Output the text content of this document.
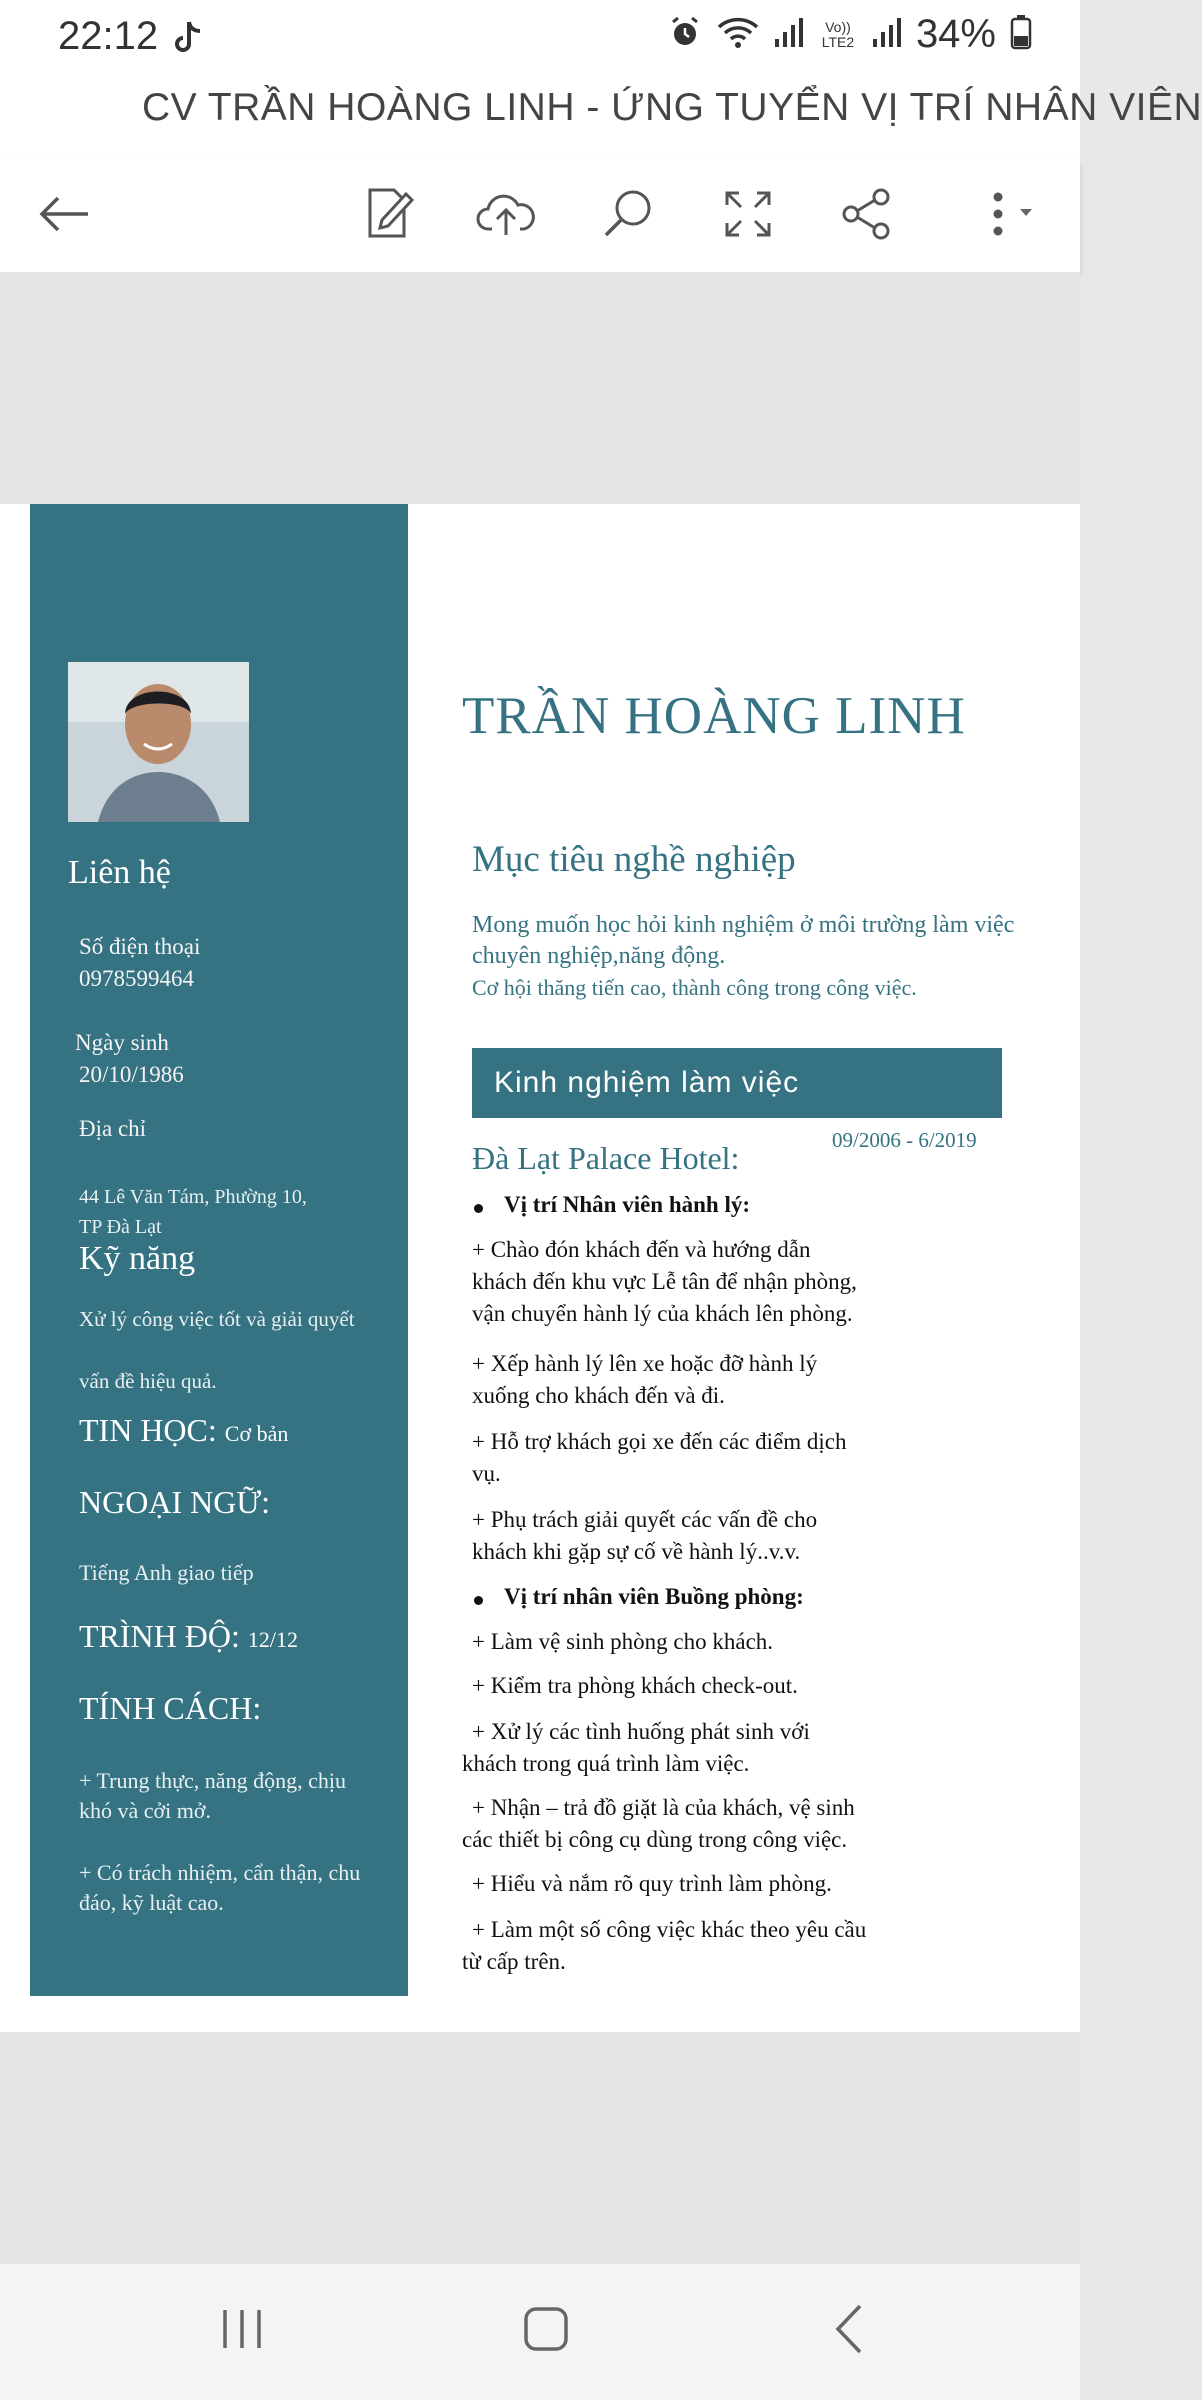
22:12	Vo)) LTE2 34%
CV TRẦN HOÀNG LINH - ỨNG TUYỂN VỊ TRÍ NHÂN VIÊN
Liên hệ
Số điện thoại
0978599464
Ngày sinh
20/10/1986
Địa chỉ
44 Lê Văn Tám, Phường 10,
TP Đà Lạt
Kỹ năng
Xử lý công việc tốt và giải quyết
vấn đề hiệu quả.
TIN HỌC: Cơ bản
NGOẠI NGỮ:
Tiếng Anh giao tiếp
TRÌNH ĐỘ: 12/12
TÍNH CÁCH:
+ Trung thực, năng động, chịu
khó và cởi mở.
+ Có trách nhiệm, cẩn thận, chu
đáo, kỹ luật cao.
TRẦN HOÀNG LINH
Mục tiêu nghề nghiệp
Mong muốn học hỏi kinh nghiệm ở môi trường làm việc
chuyên nghiệp,năng động.
Cơ hội thăng tiến cao, thành công trong công việc.
Kinh nghiệm làm việc
09/2006 - 6/2019
Đà Lạt Palace Hotel:
Vị trí Nhân viên hành lý:
+ Chào đón khách đến và hướng dẫn
khách đến khu vực Lễ tân để nhận phòng,
vận chuyển hành lý của khách lên phòng.
+ Xếp hành lý lên xe hoặc đỡ hành lý
xuống cho khách đến và đi.
+ Hỗ trợ khách gọi xe đến các điểm dịch
vụ.
+ Phụ trách giải quyết các vấn đề cho
khách khi gặp sự cố về hành lý..v.v.
Vị trí nhân viên Buồng phòng:
+ Làm vệ sinh phòng cho khách.
+ Kiểm tra phòng khách check-out.
+ Xử lý các tình huống phát sinh với
khách trong quá trình làm việc.
+ Nhận – trả đồ giặt là của khách, vệ sinh
các thiết bị công cụ dùng trong công việc.
+ Hiểu và nắm rõ quy trình làm phòng.
+ Làm một số công việc khác theo yêu cầu
từ cấp trên.
